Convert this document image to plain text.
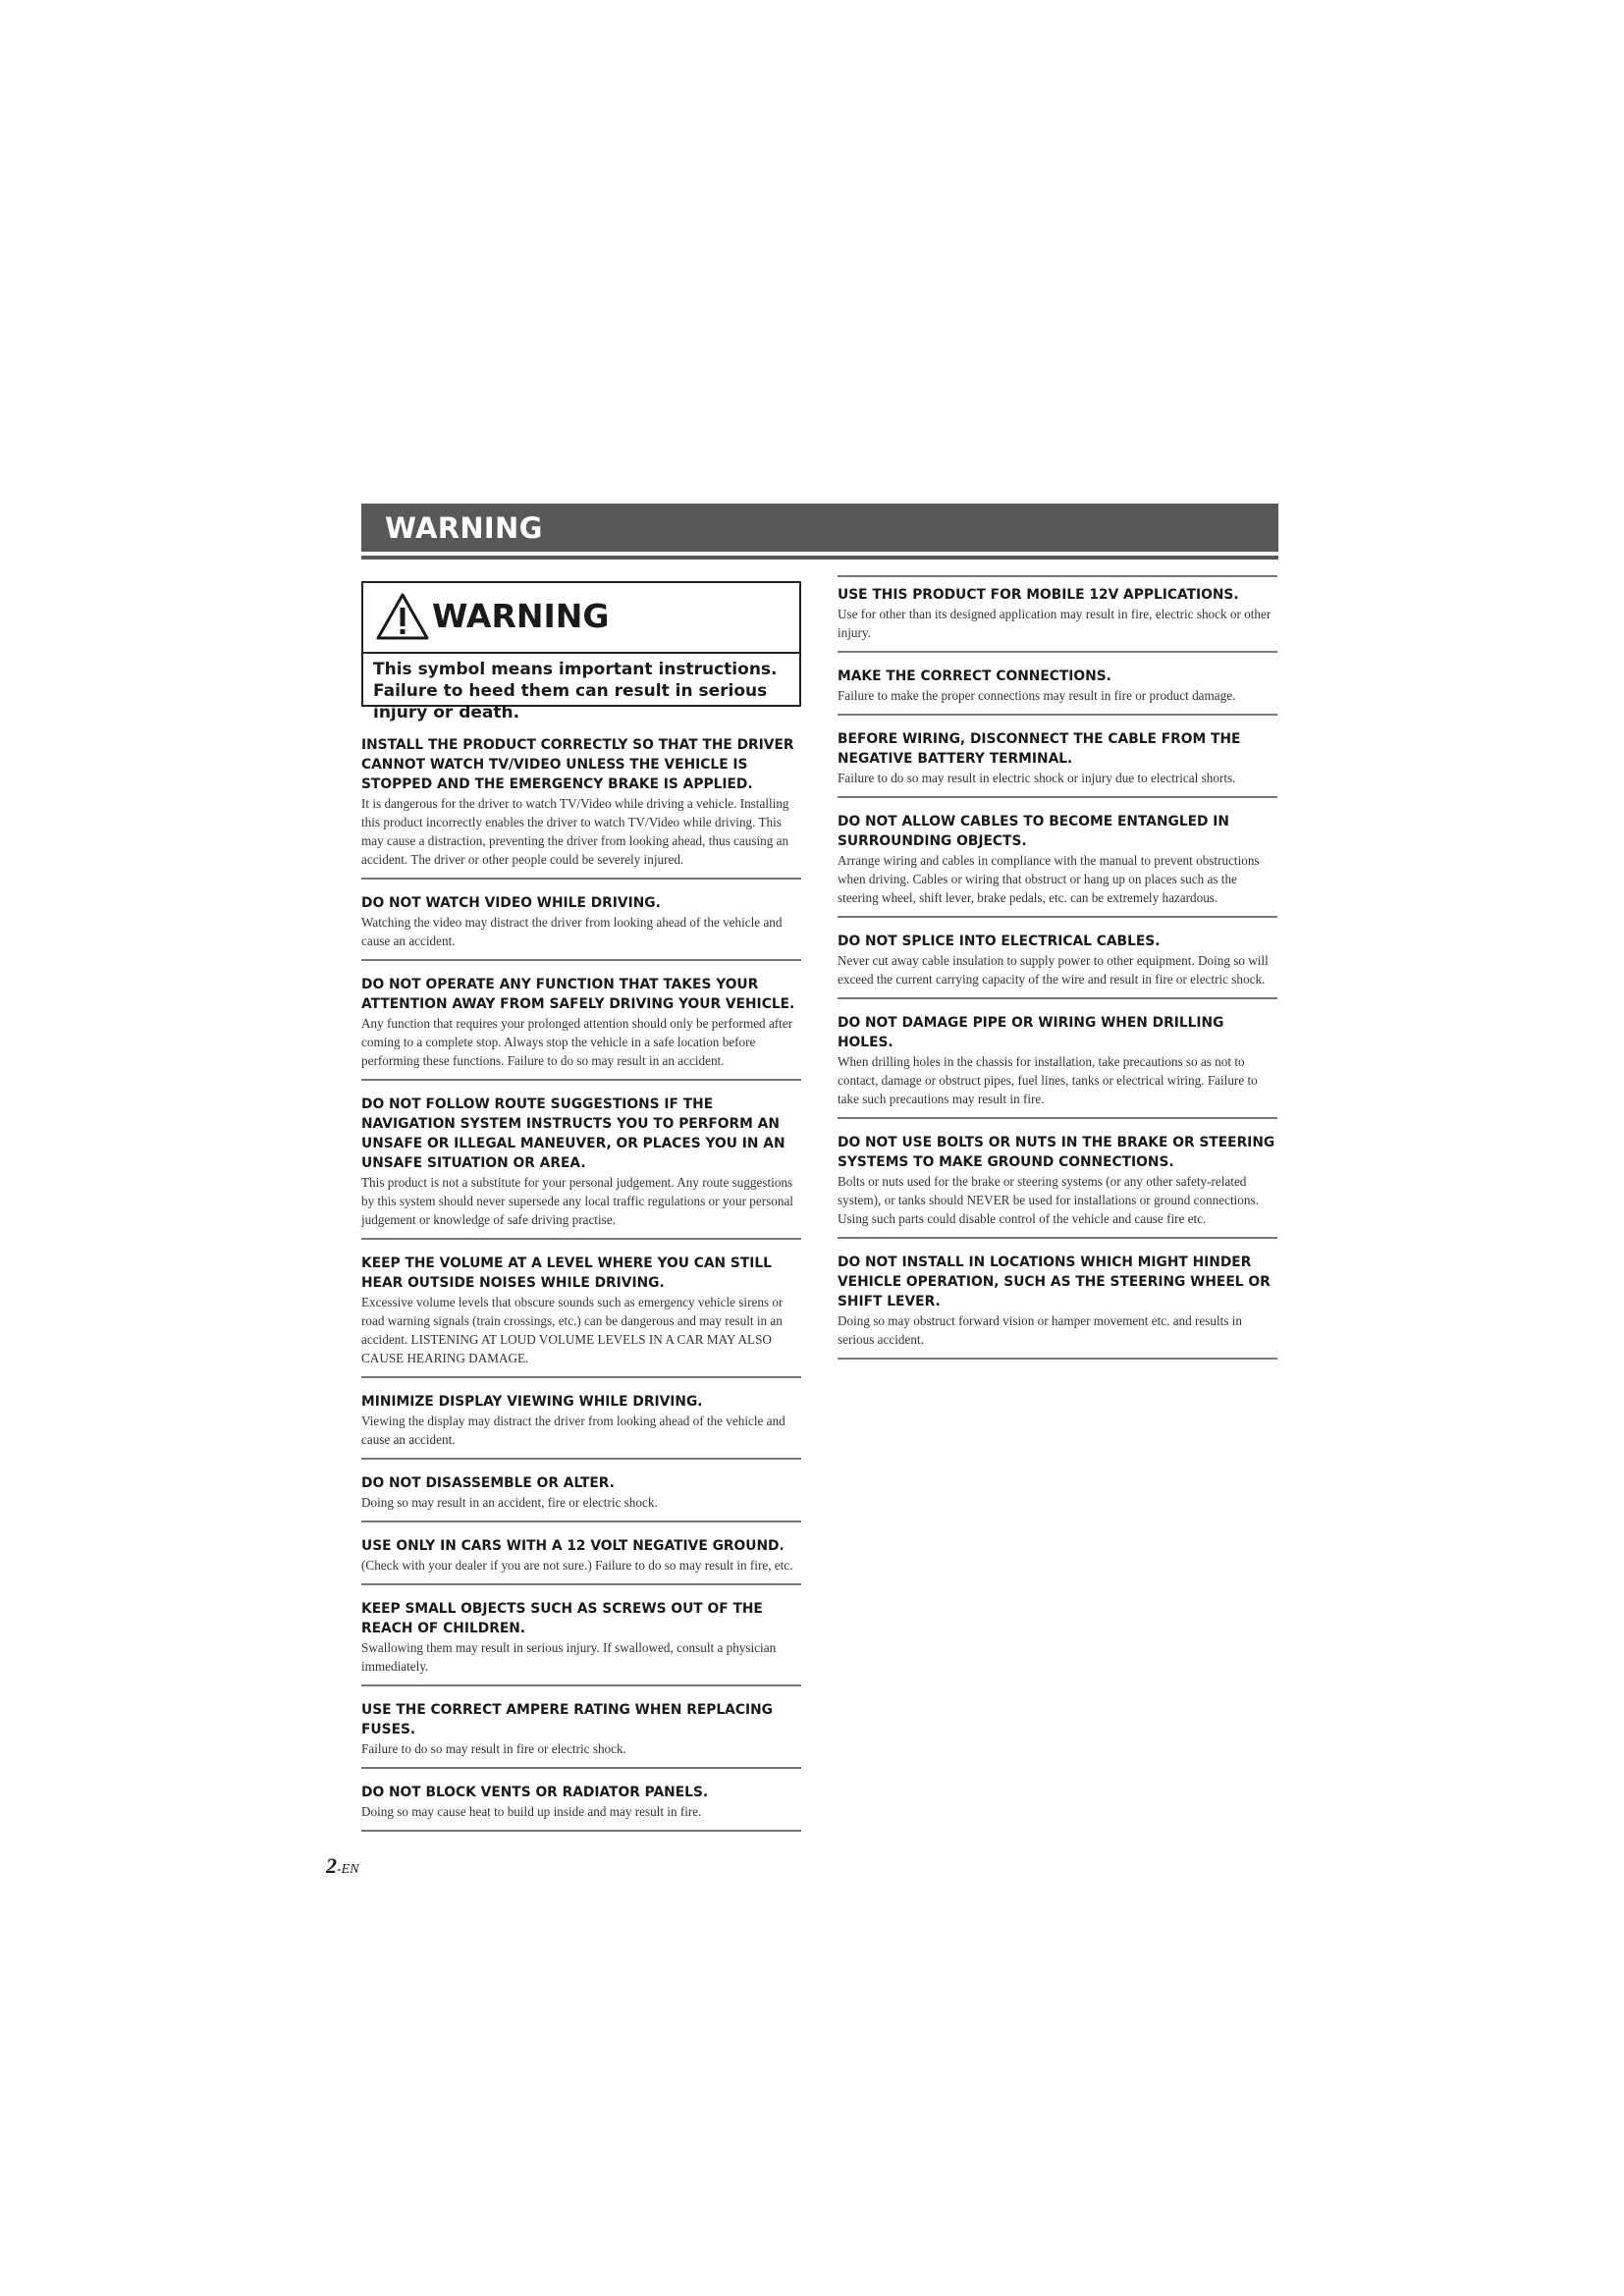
WARNING
WARNING
This symbol means important instructions. Failure to heed them can result in serious injury or death.
INSTALL THE PRODUCT CORRECTLY SO THAT THE DRIVER CANNOT WATCH TV/VIDEO UNLESS THE VEHICLE IS STOPPED AND THE EMERGENCY BRAKE IS APPLIED.
It is dangerous for the driver to watch TV/Video while driving a vehicle. Installing this product incorrectly enables the driver to watch TV/Video while driving. This may cause a distraction, preventing the driver from looking ahead, thus causing an accident. The driver or other people could be severely injured.
DO NOT WATCH VIDEO WHILE DRIVING.
Watching the video may distract the driver from looking ahead of the vehicle and cause an accident.
DO NOT OPERATE ANY FUNCTION THAT TAKES YOUR ATTENTION AWAY FROM SAFELY DRIVING YOUR VEHICLE.
Any function that requires your prolonged attention should only be performed after coming to a complete stop. Always stop the vehicle in a safe location before performing these functions. Failure to do so may result in an accident.
DO NOT FOLLOW ROUTE SUGGESTIONS IF THE NAVIGATION SYSTEM INSTRUCTS YOU TO PERFORM AN UNSAFE OR ILLEGAL MANEUVER, OR PLACES YOU IN AN UNSAFE SITUATION OR AREA.
This product is not a substitute for your personal judgement. Any route suggestions by this system should never supersede any local traffic regulations or your personal judgement or knowledge of safe driving practise.
KEEP THE VOLUME AT A LEVEL WHERE YOU CAN STILL HEAR OUTSIDE NOISES WHILE DRIVING.
Excessive volume levels that obscure sounds such as emergency vehicle sirens or road warning signals (train crossings, etc.) can be dangerous and may result in an accident. LISTENING AT LOUD VOLUME LEVELS IN A CAR MAY ALSO CAUSE HEARING DAMAGE.
MINIMIZE DISPLAY VIEWING WHILE DRIVING.
Viewing the display may distract the driver from looking ahead of the vehicle and cause an accident.
DO NOT DISASSEMBLE OR ALTER.
Doing so may result in an accident, fire or electric shock.
USE ONLY IN CARS WITH A 12 VOLT NEGATIVE GROUND.
(Check with your dealer if you are not sure.) Failure to do so may result in fire, etc.
KEEP SMALL OBJECTS SUCH AS SCREWS OUT OF THE REACH OF CHILDREN.
Swallowing them may result in serious injury. If swallowed, consult a physician immediately.
USE THE CORRECT AMPERE RATING WHEN REPLACING FUSES.
Failure to do so may result in fire or electric shock.
DO NOT BLOCK VENTS OR RADIATOR PANELS.
Doing so may cause heat to build up inside and may result in fire.
USE THIS PRODUCT FOR MOBILE 12V APPLICATIONS.
Use for other than its designed application may result in fire, electric shock or other injury.
MAKE THE CORRECT CONNECTIONS.
Failure to make the proper connections may result in fire or product damage.
BEFORE WIRING, DISCONNECT THE CABLE FROM THE NEGATIVE BATTERY TERMINAL.
Failure to do so may result in electric shock or injury due to electrical shorts.
DO NOT ALLOW CABLES TO BECOME ENTANGLED IN SURROUNDING OBJECTS.
Arrange wiring and cables in compliance with the manual to prevent obstructions when driving. Cables or wiring that obstruct or hang up on places such as the steering wheel, shift lever, brake pedals, etc. can be extremely hazardous.
DO NOT SPLICE INTO ELECTRICAL CABLES.
Never cut away cable insulation to supply power to other equipment. Doing so will exceed the current carrying capacity of the wire and result in fire or electric shock.
DO NOT DAMAGE PIPE OR WIRING WHEN DRILLING HOLES.
When drilling holes in the chassis for installation, take precautions so as not to contact, damage or obstruct pipes, fuel lines, tanks or electrical wiring. Failure to take such precautions may result in fire.
DO NOT USE BOLTS OR NUTS IN THE BRAKE OR STEERING SYSTEMS TO MAKE GROUND CONNECTIONS.
Bolts or nuts used for the brake or steering systems (or any other safety-related system), or tanks should NEVER be used for installations or ground connections. Using such parts could disable control of the vehicle and cause fire etc.
DO NOT INSTALL IN LOCATIONS WHICH MIGHT HINDER VEHICLE OPERATION, SUCH AS THE STEERING WHEEL OR SHIFT LEVER.
Doing so may obstruct forward vision or hamper movement etc. and results in serious accident.
2-EN
